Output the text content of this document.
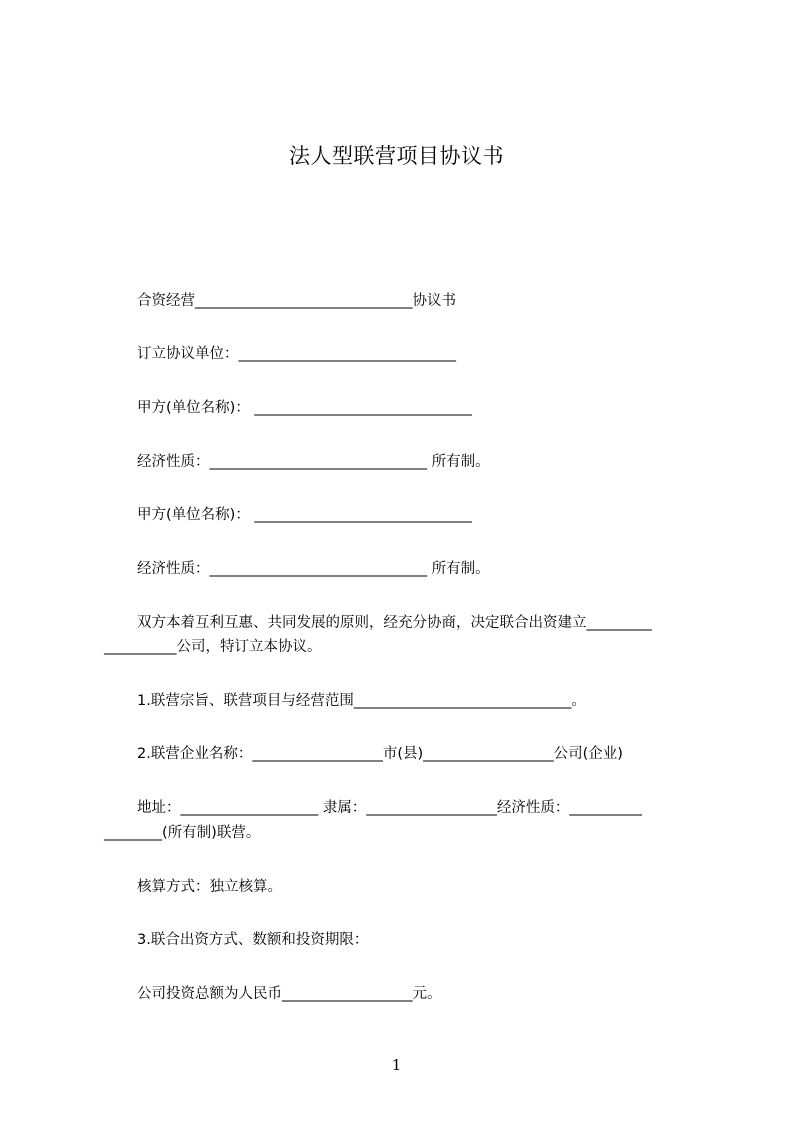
法人型联营项目协议书
合资经营______________________________协议书
订立协议单位：______________________________
甲方(单位名称)： ______________________________
经济性质：______________________________ 所有制。
甲方(单位名称)： ______________________________
经济性质：______________________________ 所有制。
双方本着互利互惠、共同发展的原则，经充分协商，决定联合出资建立_________
__________公司，特订立本协议。
1.联营宗旨、联营项目与经营范围______________________________。
2.联营企业名称：__________________市(县)__________________公司(企业)
地址：___________________ 隶属：__________________经济性质：__________
________(所有制)联营。
核算方式：独立核算。
3.联合出资方式、数额和投资期限：
公司投资总额为人民币__________________元。
1
